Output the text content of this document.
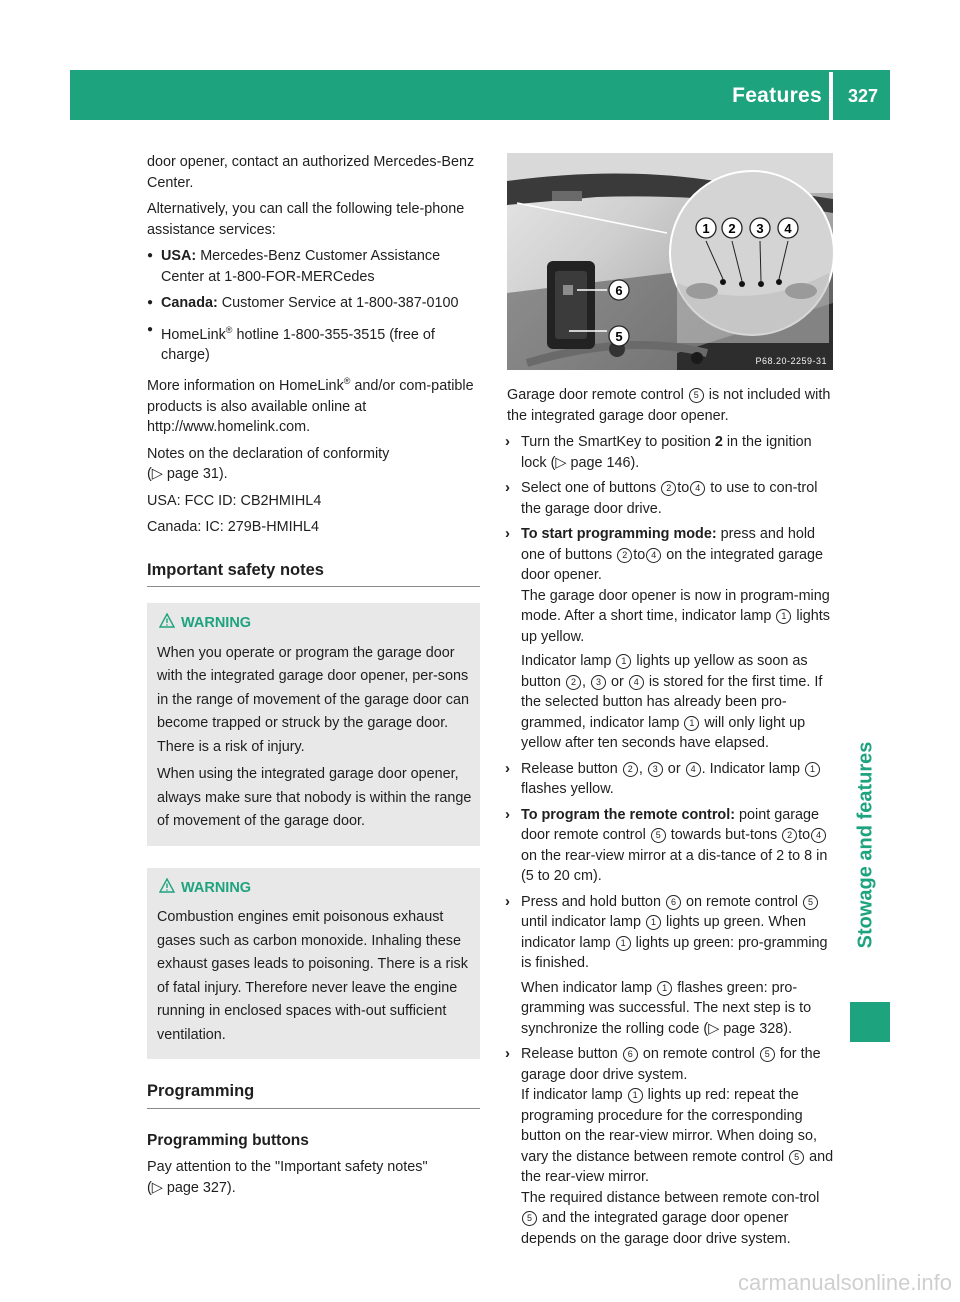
Features	327
Stowage and features

door opener, contact an authorized Mercedes-Benz Center.

Alternatively, you can call the following tele-phone assistance services:

● USA: Mercedes-Benz Customer Assistance Center at 1-800-FOR-MERCedes
● Canada: Customer Service at 1-800-387-0100
● HomeLink® hotline 1-800-355-3515 (free of charge)

More information on HomeLink® and/or com-patible products is also available online at http://www.homelink.com.

Notes on the declaration of conformity
(▷ page 31).

USA: FCC ID: CB2HMIHL4

Canada: IC: 279B-HMIHL4

Important safety notes
WARNING

When you operate or program the garage door with the integrated garage door opener, per-sons in the range of movement of the garage door can become trapped or struck by the garage door. There is a risk of injury.

When using the integrated garage door opener, always make sure that nobody is within the range of movement of the garage door.

WARNING

Combustion engines emit poisonous exhaust gases such as carbon monoxide. Inhaling these exhaust gases leads to poisoning. There is a risk of fatal injury. Therefore never leave the engine running in enclosed spaces with-out sufficient ventilation.

Programming
Programming buttons

Pay attention to the "Important safety notes"
(▷ page 327).

1 2 3 4
6
5
P68.20-2259-31

Garage door remote control 5 is not included with the integrated garage door opener.

› Turn the SmartKey to position 2 in the ignition lock (▷ page 146).
› Select one of buttons 2 to 4 to use to con-trol the garage door drive.
› To start programming mode: press and hold one of buttons 2 to 4 on the integrated garage door opener.
The garage door opener is now in program-ming mode. After a short time, indicator lamp 1 lights up yellow.

Indicator lamp 1 lights up yellow as soon as button 2 , 3 or 4 is stored for the first time. If the selected button has already been pro-grammed, indicator lamp 1 will only light up yellow after ten seconds have elapsed.
› Release button 2 , 3 or 4 . Indicator lamp 1 flashes yellow.
› To program the remote control: point garage door remote control 5 towards but-tons 2 to 4 on the rear-view mirror at a dis-tance of 2 to 8 in (5 to 20 cm).
› Press and hold button 6 on remote control 5 until indicator lamp 1 lights up green. When indicator lamp 1 lights up green: pro-gramming is finished.

When indicator lamp 1 flashes green: pro-gramming was successful. The next step is to synchronize the rolling code (▷ page 328).
› Release button 6 on remote control 5 for the garage door drive system.
If indicator lamp 1 lights up red: repeat the programing procedure for the corresponding button on the rear-view mirror. When doing so, vary the distance between remote control 5 and the rear-view mirror.
The required distance between remote con-trol 5 and the integrated garage door opener depends on the garage door drive system.
carmanualsonline.info
